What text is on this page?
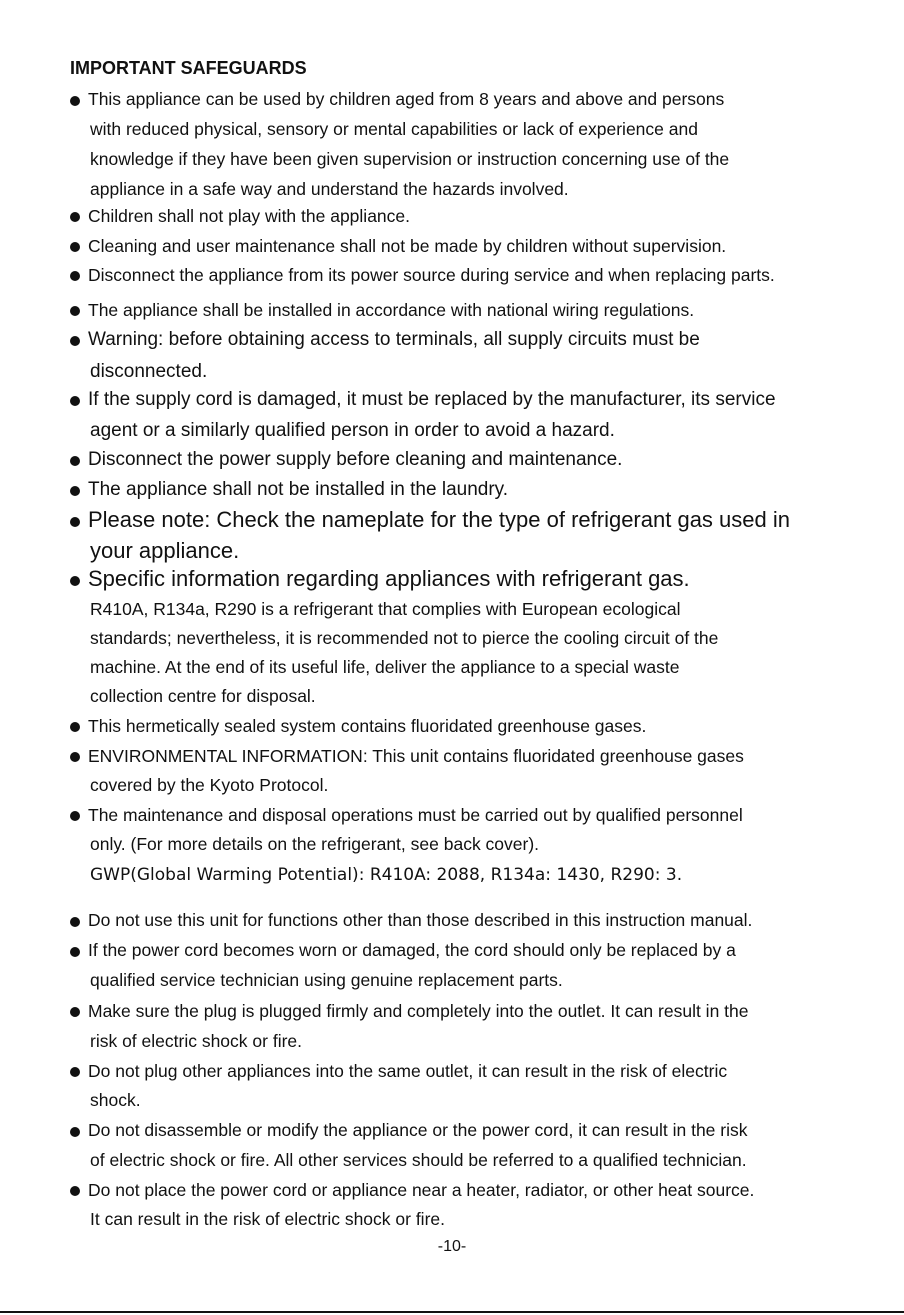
IMPORTANT SAFEGUARDS
This appliance can be used by children aged from 8 years and above and persons
with reduced physical, sensory or mental capabilities or lack of experience and
knowledge if they have been given supervision or instruction concerning use of the
appliance in a safe way and understand the hazards involved.
Children shall not play with the appliance.
Cleaning and user maintenance shall not be made by children without supervision.
Disconnect the appliance from its power source during service and when replacing parts.
The appliance shall be installed in accordance with national wiring regulations.
Warning: before obtaining access to terminals, all supply circuits must be
disconnected.
If the supply cord is damaged, it must be replaced by the manufacturer, its service
agent or a similarly qualified person in order to avoid a hazard.
Disconnect the power supply before cleaning and maintenance.
The appliance shall not be installed in the laundry.
Please note: Check the nameplate for the type of refrigerant gas used in
your appliance.
Specific information regarding appliances with refrigerant gas.
R410A, R134a, R290 is a refrigerant that complies with European ecological
standards; nevertheless, it is recommended not to pierce the cooling circuit of the
machine. At the end of its useful life, deliver the appliance to a special waste
collection centre for disposal.
This hermetically sealed system contains fluoridated greenhouse gases.
ENVIRONMENTAL INFORMATION: This unit contains fluoridated greenhouse gases
covered by the Kyoto Protocol.
The maintenance and disposal operations must be carried out by qualified personnel
only. (For more details on the refrigerant, see back cover).
GWP(Global Warming Potential): R410A: 2088, R134a: 1430, R290: 3.
Do not use this unit for functions other than those described in this instruction manual.
If the power cord becomes worn or damaged, the cord should only be replaced by a
qualified service technician using genuine replacement parts.
Make sure the plug is plugged firmly and completely into the outlet. It can result in the
risk of electric shock or fire.
Do not plug other appliances into the same outlet, it can result in the risk of electric
shock.
Do not disassemble or modify the appliance or the power cord, it can result in the risk
of electric shock or fire. All other services should be referred to a qualified technician.
Do not place the power cord or appliance near a heater, radiator, or other heat source.
It can result in the risk of electric shock or fire.
-10-
